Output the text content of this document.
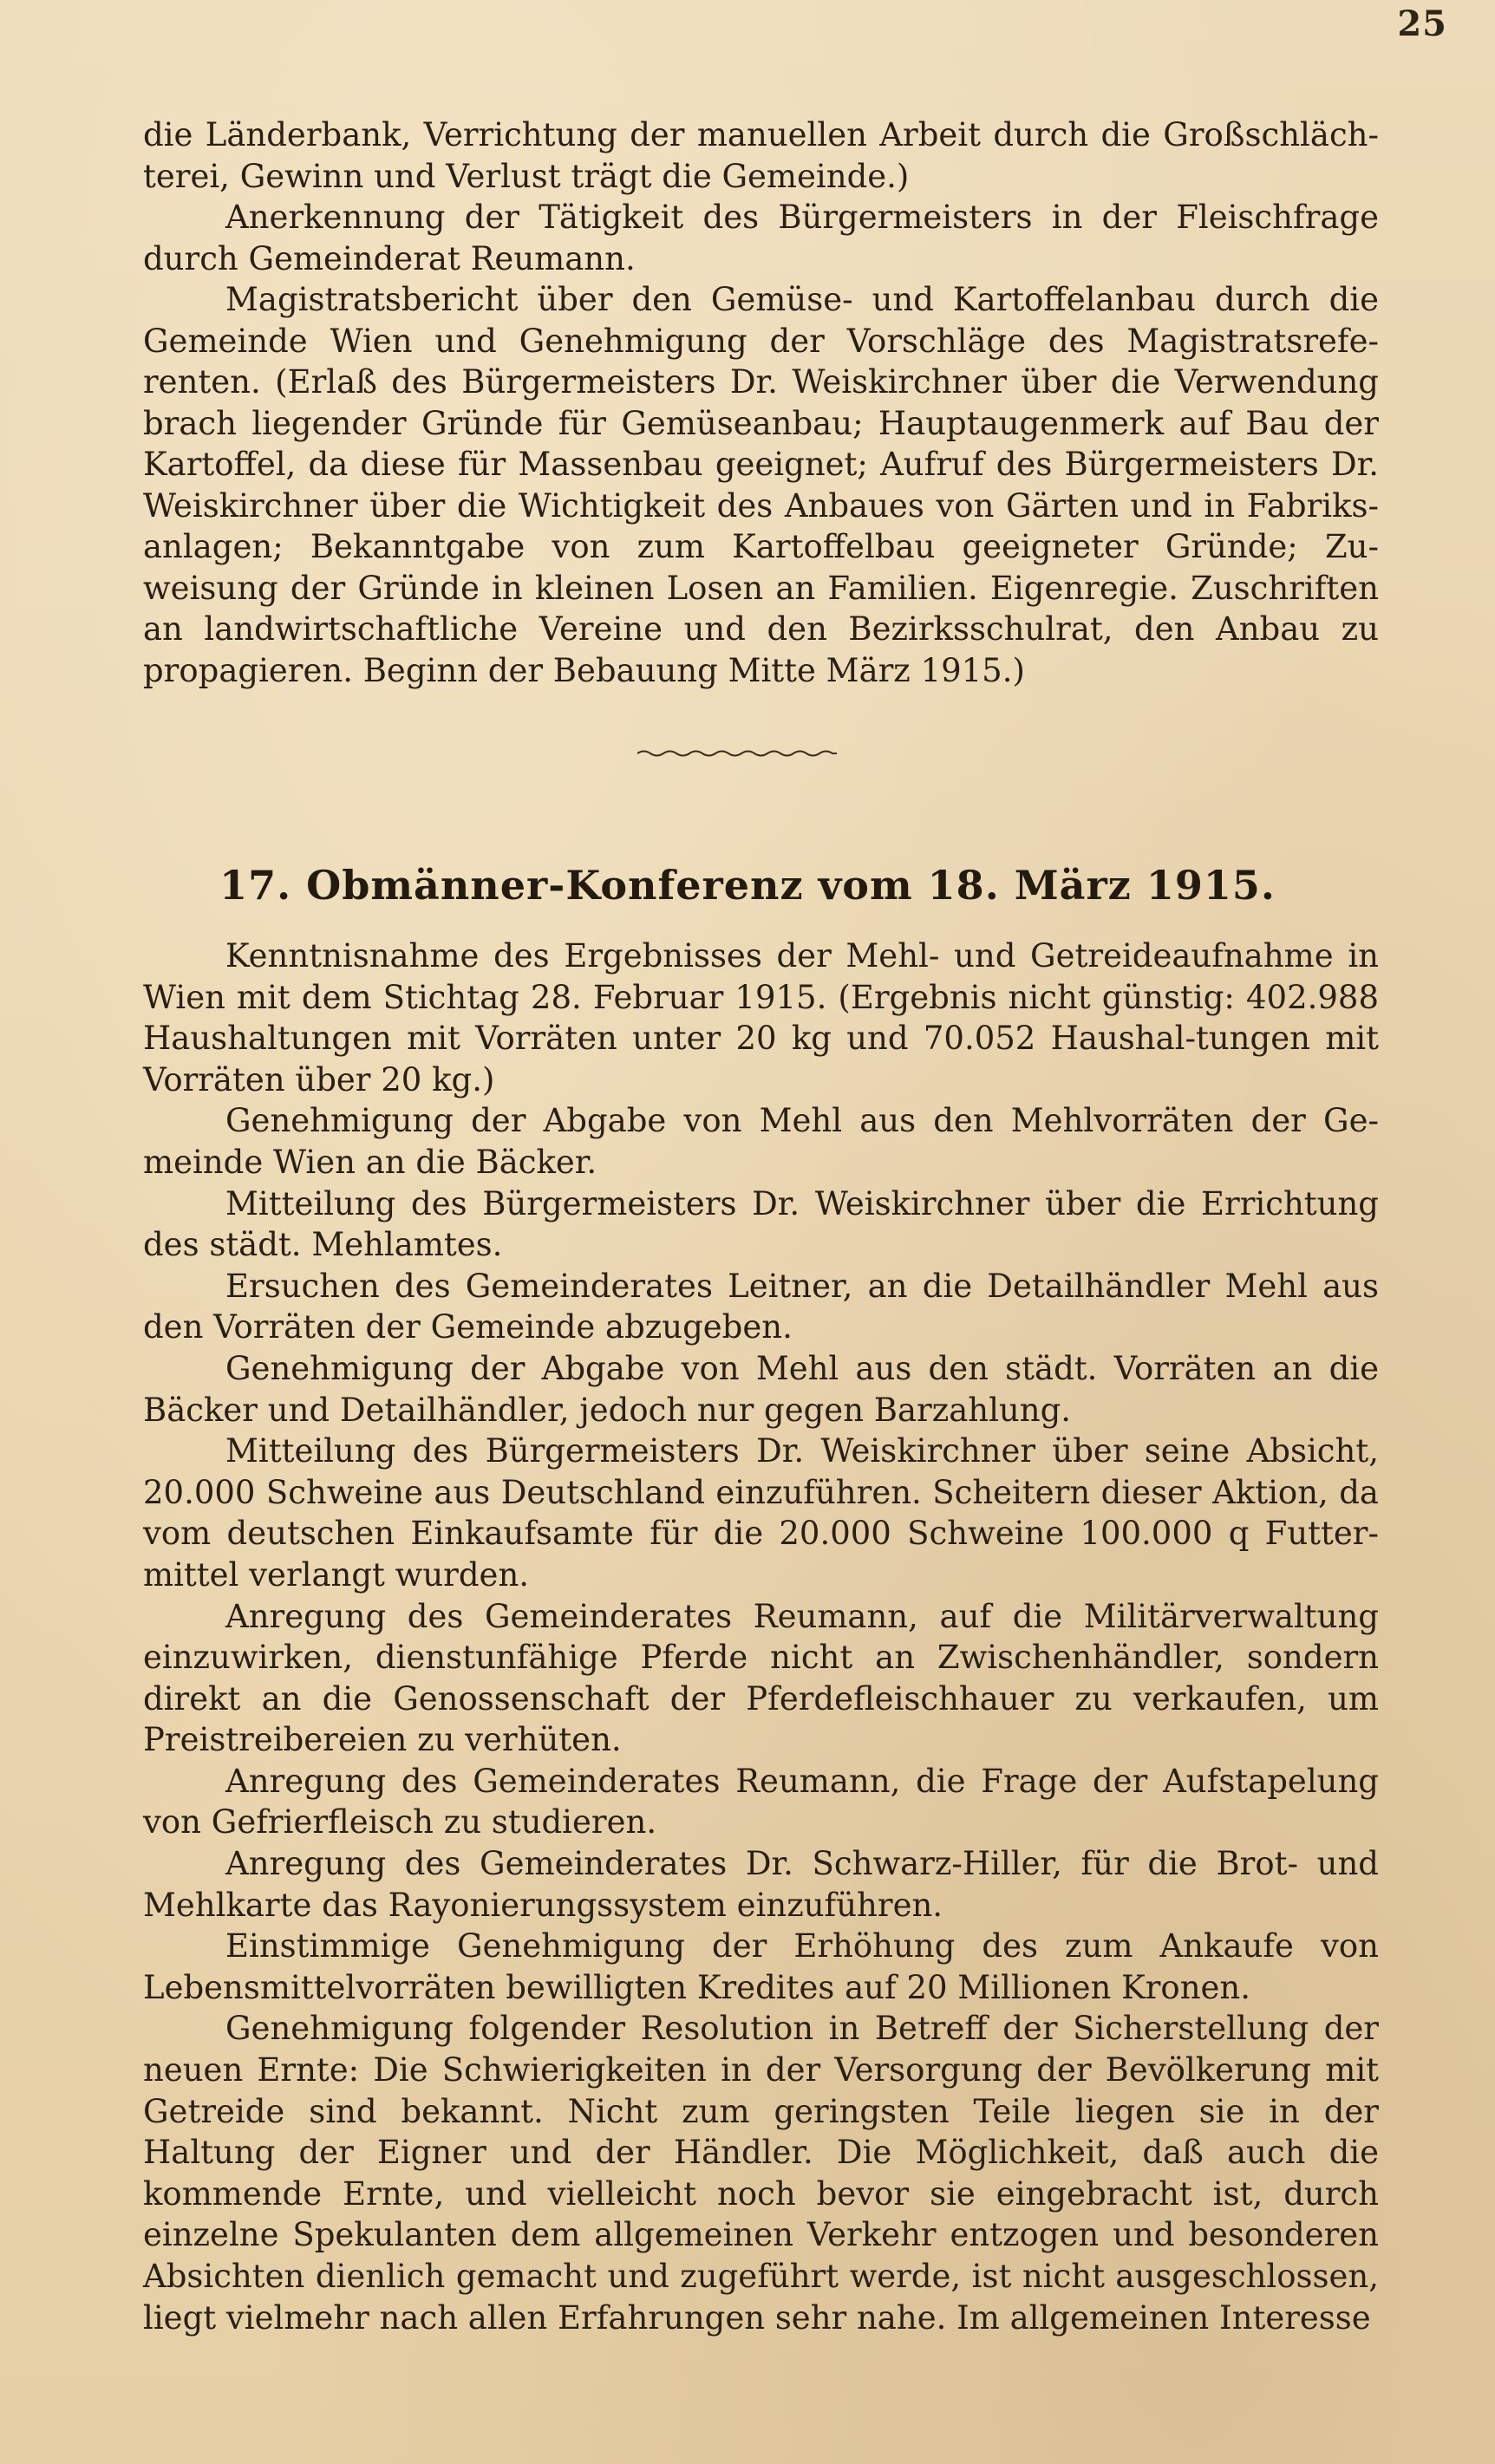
25

die Länderbank, Verrichtung der manuellen Arbeit durch die Großschläch-terei, Gewinn und Verlust trägt die Gemeinde.)

Anerkennung der Tätigkeit des Bürgermeisters in der Fleischfrage durch Gemeinderat Reumann.

Magistratsbericht über den Gemüse- und Kartoffelanbau durch die Gemeinde Wien und Genehmigung der Vorschläge des Magistratsrefe-renten. (Erlaß des Bürgermeisters Dr. Weiskirchner über die Verwendung brach liegender Gründe für Gemüseanbau; Hauptaugenmerk auf Bau der Kartoffel, da diese für Massenbau geeignet; Aufruf des Bürgermeisters Dr. Weiskirchner über die Wichtigkeit des Anbaues von Gärten und in Fabriks-anlagen; Bekanntgabe von zum Kartoffelbau geeigneter Gründe; Zu-weisung der Gründe in kleinen Losen an Familien. Eigenregie. Zuschriften an landwirtschaftliche Vereine und den Bezirksschulrat, den Anbau zu propagieren. Beginn der Bebauung Mitte März 1915.)

17. Obmänner-Konferenz vom 18. März 1915.

Kenntnisnahme des Ergebnisses der Mehl- und Getreideaufnahme in Wien mit dem Stichtag 28. Februar 1915. (Ergebnis nicht günstig: 402.988 Haushaltungen mit Vorräten unter 20 kg und 70.052 Haushal-tungen mit Vorräten über 20 kg.)

Genehmigung der Abgabe von Mehl aus den Mehlvorräten der Ge-meinde Wien an die Bäcker.

Mitteilung des Bürgermeisters Dr. Weiskirchner über die Errichtung des städt. Mehlamtes.

Ersuchen des Gemeinderates Leitner, an die Detailhändler Mehl aus den Vorräten der Gemeinde abzugeben.

Genehmigung der Abgabe von Mehl aus den städt. Vorräten an die Bäcker und Detailhändler, jedoch nur gegen Barzahlung.

Mitteilung des Bürgermeisters Dr. Weiskirchner über seine Absicht, 20.000 Schweine aus Deutschland einzuführen. Scheitern dieser Aktion, da vom deutschen Einkaufsamte für die 20.000 Schweine 100.000 q Futter-mittel verlangt wurden.

Anregung des Gemeinderates Reumann, auf die Militärverwaltung einzuwirken, dienstunfähige Pferde nicht an Zwischenhändler, sondern direkt an die Genossenschaft der Pferdefleischhauer zu verkaufen, um Preistreibereien zu verhüten.

Anregung des Gemeinderates Reumann, die Frage der Aufstapelung von Gefrierfleisch zu studieren.

Anregung des Gemeinderates Dr. Schwarz-Hiller, für die Brot- und Mehlkarte das Rayonierungssystem einzuführen.

Einstimmige Genehmigung der Erhöhung des zum Ankaufe von Lebensmittelvorräten bewilligten Kredites auf 20 Millionen Kronen.

Genehmigung folgender Resolution in Betreff der Sicherstellung der neuen Ernte: Die Schwierigkeiten in der Versorgung der Bevölkerung mit Getreide sind bekannt. Nicht zum geringsten Teile liegen sie in der Haltung der Eigner und der Händler. Die Möglichkeit, daß auch die kommende Ernte, und vielleicht noch bevor sie eingebracht ist, durch einzelne Spekulanten dem allgemeinen Verkehr entzogen und besonderen Absichten dienlich gemacht und zugeführt werde, ist nicht ausgeschlossen, liegt vielmehr nach allen Erfahrungen sehr nahe. Im allgemeinen Interesse
